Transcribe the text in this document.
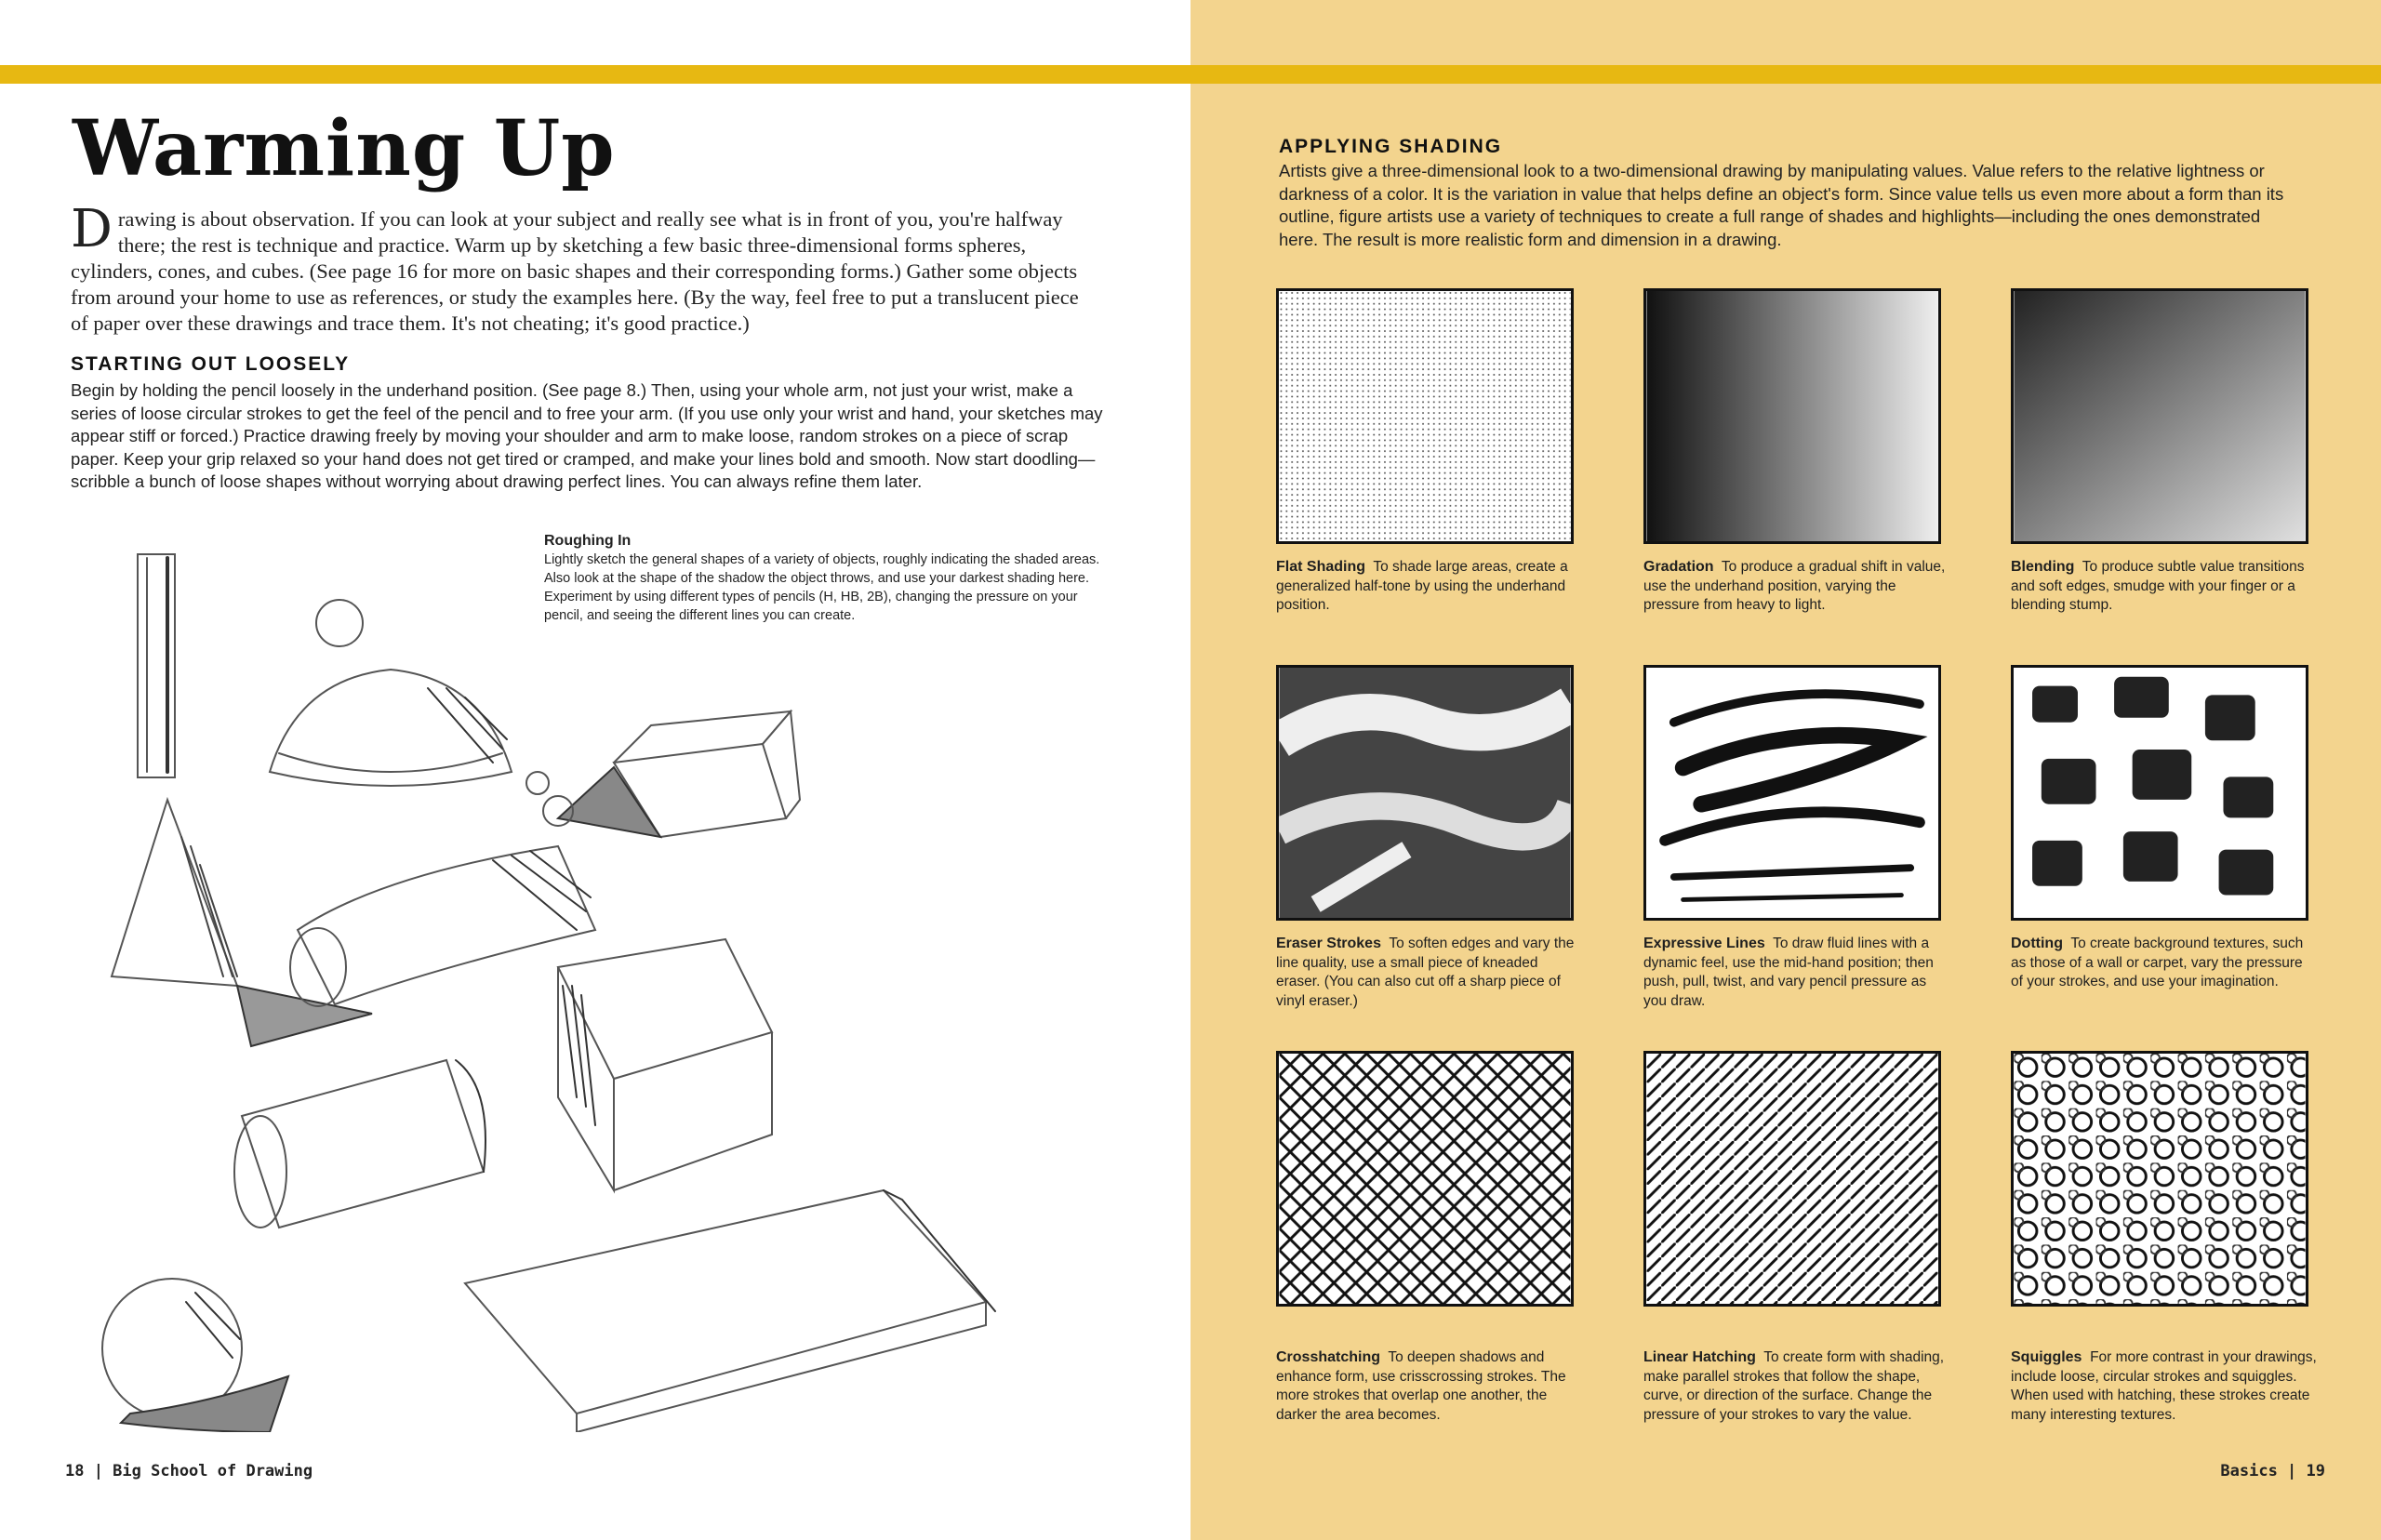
Warming Up
Drawing is about observation. If you can look at your subject and really see what is in front of you, you're halfway there; the rest is technique and practice. Warm up by sketching a few basic three-dimensional forms spheres, cylinders, cones, and cubes. (See page 16 for more on basic shapes and their corresponding forms.) Gather some objects from around your home to use as references, or study the examples here. (By the way, feel free to put a translucent piece of paper over these drawings and trace them. It's not cheating; it's good practice.)
STARTING OUT LOOSELY
Begin by holding the pencil loosely in the underhand position. (See page 8.) Then, using your whole arm, not just your wrist, make a series of loose circular strokes to get the feel of the pencil and to free your arm. (If you use only your wrist and hand, your sketches may appear stiff or forced.) Practice drawing freely by moving your shoulder and arm to make loose, random strokes on a piece of scrap paper. Keep your grip relaxed so your hand does not get tired or cramped, and make your lines bold and smooth. Now start doodling—scribble a bunch of loose shapes without worrying about drawing perfect lines. You can always refine them later.
Roughing In
Lightly sketch the general shapes of a variety of objects, roughly indicating the shaded areas. Also look at the shape of the shadow the object throws, and use your darkest shading here. Experiment by using different types of pencils (H, HB, 2B), changing the pressure on your pencil, and seeing the different lines you can create.
18 | Big School of Drawing
APPLYING SHADING
Artists give a three-dimensional look to a two-dimensional drawing by manipulating values. Value refers to the relative lightness or darkness of a color. It is the variation in value that helps define an object's form. Since value tells us even more about a form than its outline, figure artists use a variety of techniques to create a full range of shades and highlights—including the ones demonstrated here. The result is more realistic form and dimension in a drawing.
Flat Shading To shade large areas, create a generalized half-tone by using the underhand position.
Gradation To produce a gradual shift in value, use the underhand position, varying the pressure from heavy to light.
Blending To produce subtle value transitions and soft edges, smudge with your finger or a blending stump.
Eraser Strokes To soften edges and vary the line quality, use a small piece of kneaded eraser. (You can also cut off a sharp piece of vinyl eraser.)
Expressive Lines To draw fluid lines with a dynamic feel, use the mid-hand position; then push, pull, twist, and vary pencil pressure as you draw.
Dotting To create background textures, such as those of a wall or carpet, vary the pressure of your strokes, and use your imagination.
Crosshatching To deepen shadows and enhance form, use crisscrossing strokes. The more strokes that overlap one another, the darker the area becomes.
Linear Hatching To create form with shading, make parallel strokes that follow the shape, curve, or direction of the surface. Change the pressure of your strokes to vary the value.
Squiggles For more contrast in your drawings, include loose, circular strokes and squiggles. When used with hatching, these strokes create many interesting textures.
Basics | 19
